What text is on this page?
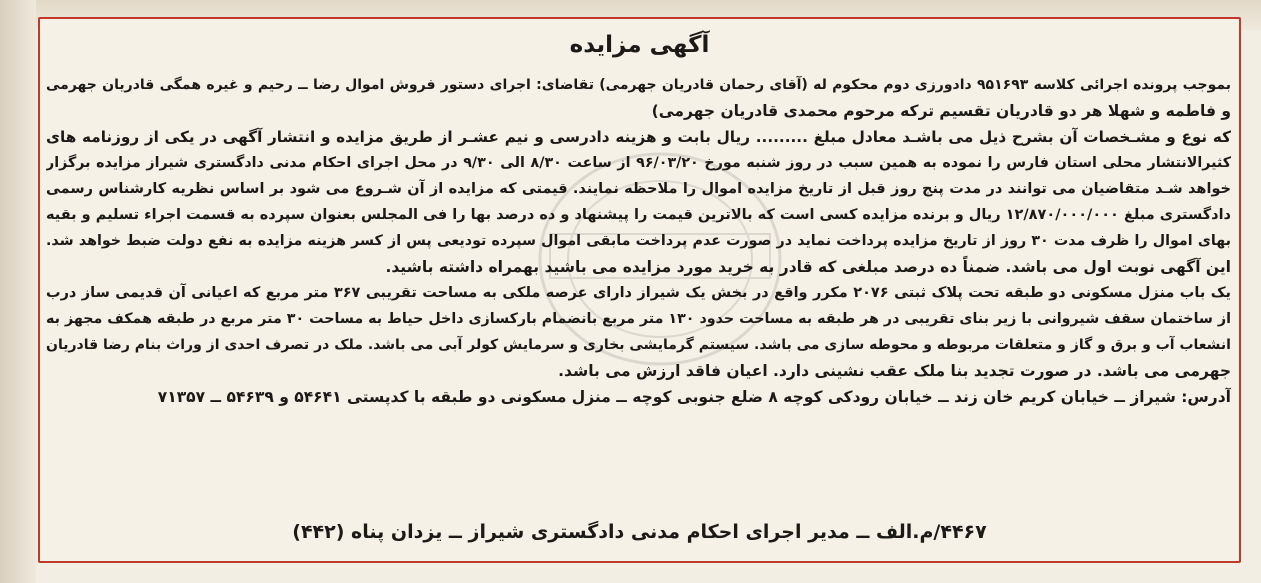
آگهی مزایده
بموجب پرونده اجرائی کلاسه ۹۵۱۶۹۳ دادورزی دوم محکوم له (آقای رحمان قادریان جهرمی) تقاضای: اجرای دستور فروش اموال رضا ــ رحیم و غیره همگی قادریان جهرمی
و فاطمه و شهلا هر دو قادریان تقسیم ترکه مرحوم محمدی قادریان جهرمی)
که نوع و مشـخصات آن بشرح ذیل می باشـد معادل مبلغ ......... ریال بابت و هزینه دادرسی و نیم عشـر از طریق مزایده و انتشار آگهی در یکی از روزنامه های
کثیرالانتشار محلی استان فارس را نموده به همین سبب در روز شنبه مورخ ۹۶/۰۳/۲۰ از ساعت ۸/۳۰ الی ۹/۳۰ در محل اجرای احکام مدنی دادگستری شیراز مزایده برگزار
خواهد شـد متقاضیان می توانند در مدت پنج روز قبل از تاریخ مزایده اموال را ملاحظه نمایند. قیمتی که مزایده از آن شـروع می شود بر اساس نظریه کارشناس رسمی
دادگستری مبلغ ۱۲/۸۷۰/۰۰۰/۰۰۰ ریال و برنده مزایده کسی است که بالاترین قیمت را پیشنهاد و ده درصد بها را فی المجلس بعنوان سپرده به قسمت اجراء تسلیم و بقیه
بهای اموال را ظرف مدت ۳۰ روز از تاریخ مزایده پرداخت نماید در صورت عدم پرداخت مابقی اموال سپرده تودیعی پس از کسر هزینه مزایده به نفع دولت ضبط خواهد شد.
این آگهی نوبت اول می باشد. ضمناً ده درصد مبلغی که قادر به خرید مورد مزایده می باشید بهمراه داشته باشید.
یک باب منزل مسکونی دو طبقه تحت پلاک ثبتی ۲۰۷۶ مکرر واقع در بخش یک شیراز دارای عرصه ملکی به مساحت تقریبی ۳۶۷ متر مربع که اعیانی آن قدیمی ساز درب
از ساختمان سقف شیروانی با زیر بنای تقریبی در هر طبقه به مساحت حدود ۱۳۰ متر مربع بانضمام بارکسازی داخل حیاط به مساحت ۳۰ متر مربع در طبقه همکف مجهز به
انشعاب آب و برق و گاز و متعلقات مربوطه و محوطه سازی می باشد. سیستم گرمایشی بخاری و سرمایش کولر آبی می باشد. ملک در تصرف احدی از وراث بنام رضا قادریان
جهرمی می باشد. در صورت تجدید بنا ملک عقب نشینی دارد. اعیان فاقد ارزش می باشد.
آدرس: شیراز ــ خیابان کریم خان زند ــ خیابان رودکی کوچه ۸ ضلع جنوبی کوچه ــ منزل مسکونی دو طبقه با کدپستی ۵۴۶۴۱ و ۵۴۶۳۹ ــ ۷۱۳۵۷
۴۴۶۷/م.الف ــ مدیر اجرای احکام مدنی دادگستری شیراز ــ یزدان پناه (۴۴۲)
